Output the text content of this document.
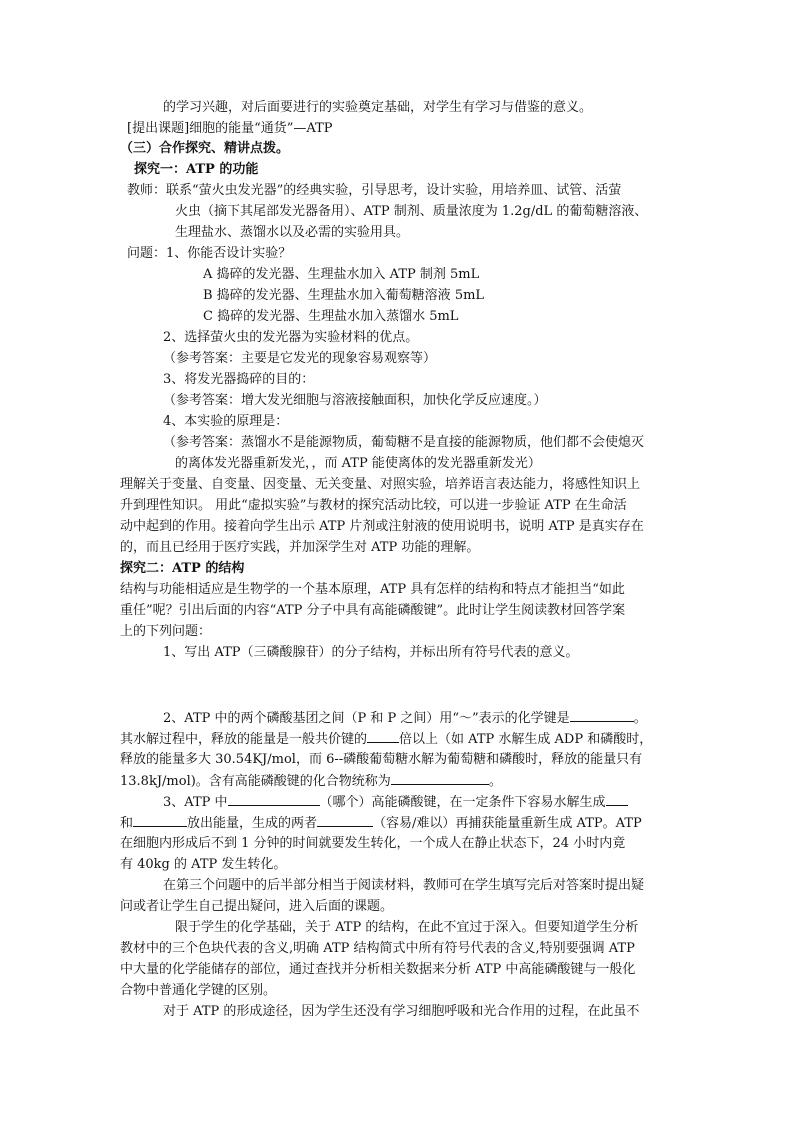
的学习兴趣，对后面要进行的实验奠定基础，对学生有学习与借鉴的意义。
[提出课题]细胞的能量“通货”—ATP
（三）合作探究、精讲点拨。
探究一：ATP 的功能
教师：联系“萤火虫发光器”的经典实验，引导思考，设计实验，用培养皿、试管、活萤
火虫（摘下其尾部发光器备用）、ATP 制剂、质量浓度为 1.2g/dL 的葡萄糖溶液、
生理盐水、蒸馏水以及必需的实验用具。
问题：1、你能否设计实验？
A 捣碎的发光器、生理盐水加入 ATP 制剂 5mL
B 捣碎的发光器、生理盐水加入葡萄糖溶液 5mL
C 捣碎的发光器、生理盐水加入蒸馏水 5mL
2、选择萤火虫的发光器为实验材料的优点。
（参考答案：主要是它发光的现象容易观察等）
3、将发光器捣碎的目的：
（参考答案：增大发光细胞与溶液接触面积，加快化学反应速度。）
4、本实验的原理是：
（参考答案：蒸馏水不是能源物质，葡萄糖不是直接的能源物质，他们都不会使熄灭
的离体发光器重新发光，，而 ATP 能使离体的发光器重新发光）
理解关于变量、自变量、因变量、无关变量、对照实验，培养语言表达能力，将感性知识上
升到理性知识。 用此“虚拟实验”与教材的探究活动比较，可以进一步验证 ATP 在生命活
动中起到的作用。接着向学生出示 ATP 片剂或注射液的使用说明书，说明 ATP 是真实存在
的，而且已经用于医疗实践，并加深学生对 ATP 功能的理解。
探究二：ATP 的结构
结构与功能相适应是生物学的一个基本原理，ATP 具有怎样的结构和特点才能担当“如此
重任”呢？引出后面的内容“ATP 分子中具有高能磷酸键”。此时让学生阅读教材回答学案
上的下列问题：
1、写出 ATP（三磷酸腺苷）的分子结构，并标出所有符号代表的意义。
2、ATP 中的两个磷酸基团之间（P 和 P 之间）用“～”表示的化学键是	。
其水解过程中，释放的能量是一般共价键的 倍以上（如 ATP 水解生成 ADP 和磷酸时，
释放的能量多大 30.54KJ/mol，而 6--磷酸葡萄糖水解为葡萄糖和磷酸时，释放的能量只有
13.8kJ/mol)。含有高能磷酸键的化合物统称为	。
3、ATP 中	（哪个）高能磷酸键，在一定条件下容易水解生成
和	放出能量，生成的两者	（容易/难以）再捕获能量重新生成 ATP。ATP
在细胞内形成后不到 1 分钟的时间就要发生转化，一个成人在静止状态下，24 小时内竟
有 40kg 的 ATP 发生转化。
在第三个问题中的后半部分相当于阅读材料，教师可在学生填写完后对答案时提出疑
问或者让学生自己提出疑问，进入后面的课题。
限于学生的化学基础，关于 ATP 的结构，在此不宜过于深入。但要知道学生分析
教材中的三个色块代表的含义,明确 ATP 结构简式中所有符号代表的含义,特别要强调 ATP
中大量的化学能储存的部位，通过查找并分析相关数据来分析 ATP 中高能磷酸键与一般化
合物中普通化学键的区别。
对于 ATP 的形成途径，因为学生还没有学习细胞呼吸和光合作用的过程，在此虽不
